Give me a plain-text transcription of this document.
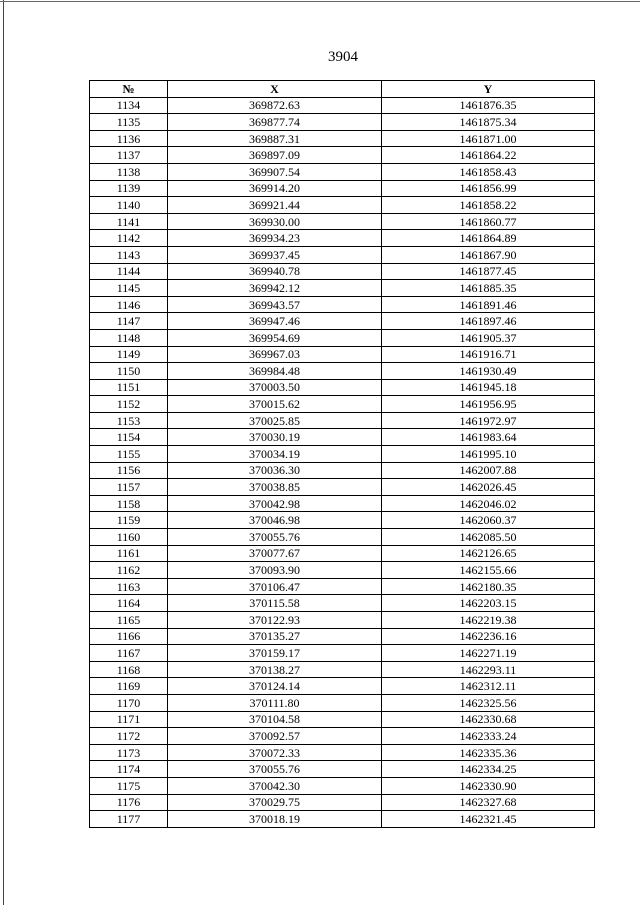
3904
№	X	Y
1134	369872.63	1461876.35
1135	369877.74	1461875.34
1136	369887.31	1461871.00
1137	369897.09	1461864.22
1138	369907.54	1461858.43
1139	369914.20	1461856.99
1140	369921.44	1461858.22
1141	369930.00	1461860.77
1142	369934.23	1461864.89
1143	369937.45	1461867.90
1144	369940.78	1461877.45
1145	369942.12	1461885.35
1146	369943.57	1461891.46
1147	369947.46	1461897.46
1148	369954.69	1461905.37
1149	369967.03	1461916.71
1150	369984.48	1461930.49
1151	370003.50	1461945.18
1152	370015.62	1461956.95
1153	370025.85	1461972.97
1154	370030.19	1461983.64
1155	370034.19	1461995.10
1156	370036.30	1462007.88
1157	370038.85	1462026.45
1158	370042.98	1462046.02
1159	370046.98	1462060.37
1160	370055.76	1462085.50
1161	370077.67	1462126.65
1162	370093.90	1462155.66
1163	370106.47	1462180.35
1164	370115.58	1462203.15
1165	370122.93	1462219.38
1166	370135.27	1462236.16
1167	370159.17	1462271.19
1168	370138.27	1462293.11
1169	370124.14	1462312.11
1170	370111.80	1462325.56
1171	370104.58	1462330.68
1172	370092.57	1462333.24
1173	370072.33	1462335.36
1174	370055.76	1462334.25
1175	370042.30	1462330.90
1176	370029.75	1462327.68
1177	370018.19	1462321.45
